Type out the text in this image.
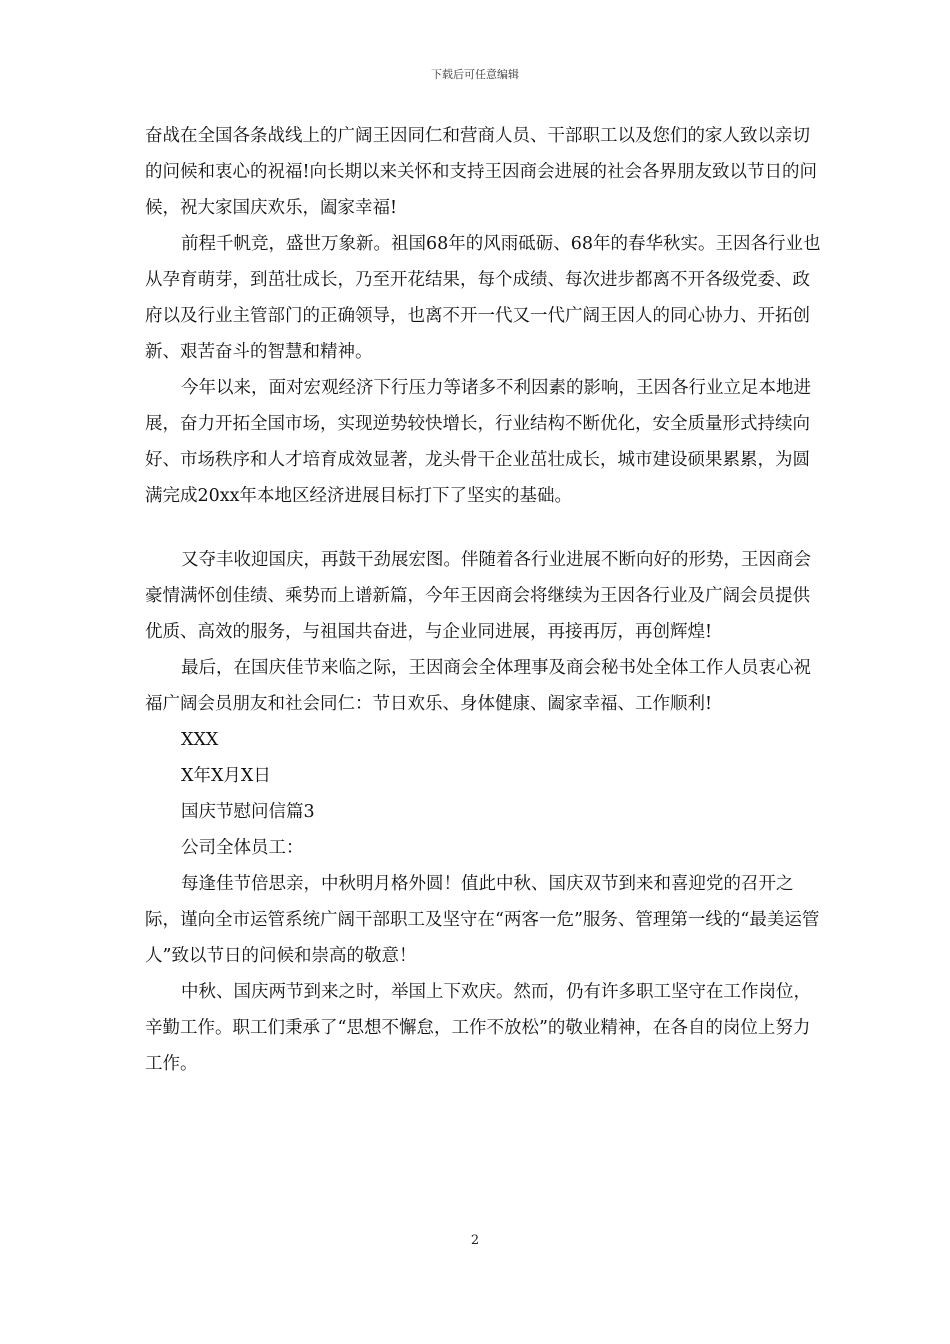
下载后可任意编辑

奋战在全国各条战线上的广阔王因同仁和营商人员、干部职工以及您们的家人致以亲切的问候和衷心的祝福!向长期以来关怀和支持王因商会进展的社会各界朋友致以节日的问候，祝大家国庆欢乐，阖家幸福!

前程千帆竞，盛世万象新。祖国68年的风雨砥砺、68年的春华秋实。王因各行业也从孕育萌芽，到茁壮成长，乃至开花结果，每个成绩、每次进步都离不开各级党委、政府以及行业主管部门的正确领导，也离不开一代又一代广阔王因人的同心协力、开拓创新、艰苦奋斗的智慧和精神。

今年以来，面对宏观经济下行压力等诸多不利因素的影响，王因各行业立足本地进展，奋力开拓全国市场，实现逆势较快增长，行业结构不断优化，安全质量形式持续向好、市场秩序和人才培育成效显著，龙头骨干企业茁壮成长，城市建设硕果累累，为圆满完成20xx年本地区经济进展目标打下了坚实的基础。

又夺丰收迎国庆，再鼓干劲展宏图。伴随着各行业进展不断向好的形势，王因商会豪情满怀创佳绩、乘势而上谱新篇，今年王因商会将继续为王因各行业及广阔会员提供优质、高效的服务，与祖国共奋进，与企业同进展，再接再厉，再创辉煌!

最后，在国庆佳节来临之际，王因商会全体理事及商会秘书处全体工作人员衷心祝福广阔会员朋友和社会同仁：节日欢乐、身体健康、阖家幸福、工作顺利!

XXX

X年X月X日

国庆节慰问信篇3

公司全体员工：

每逢佳节倍思亲，中秋明月格外圆！值此中秋、国庆双节到来和喜迎党的召开之际，谨向全市运管系统广阔干部职工及坚守在“两客一危”服务、管理第一线的“最美运管人”致以节日的问候和崇高的敬意！

中秋、国庆两节到来之时，举国上下欢庆。然而，仍有许多职工坚守在工作岗位，辛勤工作。职工们秉承了“思想不懈怠，工作不放松”的敬业精神，在各自的岗位上努力工作。

2
